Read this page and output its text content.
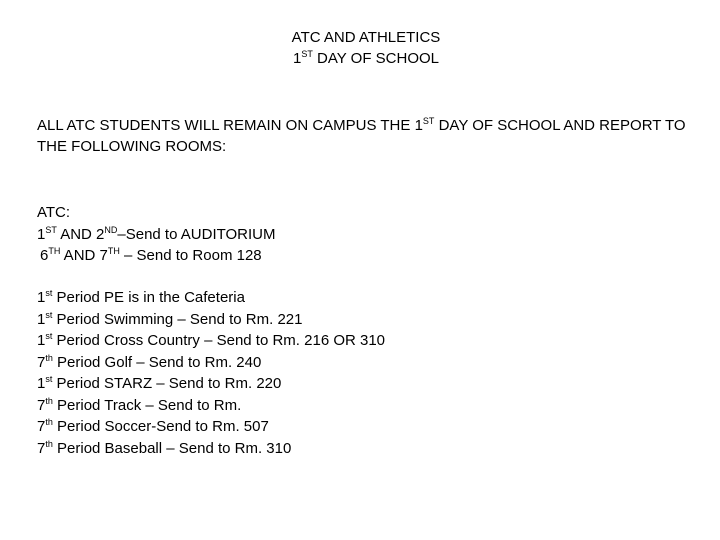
ATC AND ATHLETICS
1ST DAY OF SCHOOL
ALL ATC STUDENTS WILL REMAIN ON CAMPUS THE 1ST DAY OF SCHOOL AND REPORT TO THE FOLLOWING ROOMS:
ATC:
1ST AND 2ND–Send to AUDITORIUM
6TH AND 7TH – Send to Room 128
1st Period PE is in the Cafeteria
1st Period Swimming – Send to Rm. 221
1st Period Cross Country – Send to Rm. 216 OR 310
7th Period Golf – Send to Rm. 240
1st Period STARZ – Send to Rm. 220
7th Period Track – Send to Rm.
7th Period Soccer-Send to Rm. 507
7th Period Baseball – Send to Rm. 310
